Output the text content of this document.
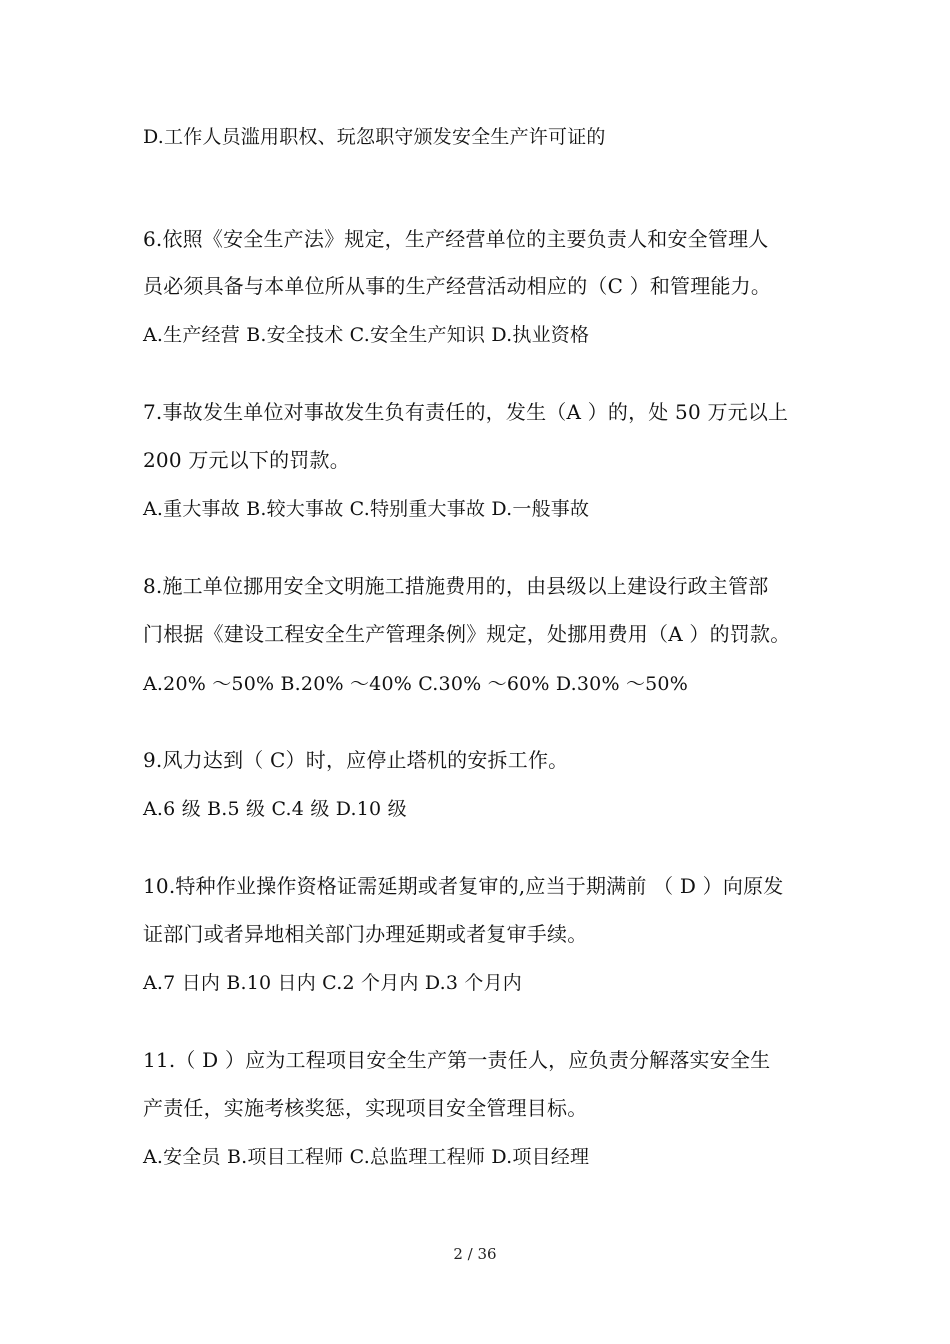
D.工作人员滥用职权、玩忽职守颁发安全生产许可证的
6.依照《安全生产法》规定，生产经营单位的主要负责人和安全管理人
员必须具备与本单位所从事的生产经营活动相应的（C ）和管理能力。
A.生产经营 B.安全技术 C.安全生产知识 D.执业资格
7.事故发生单位对事故发生负有责任的，发生（A ）的，处 50 万元以上
200 万元以下的罚款。
A.重大事故 B.较大事故 C.特别重大事故 D.一般事故
8.施工单位挪用安全文明施工措施费用的，由县级以上建设行政主管部
门根据《建设工程安全生产管理条例》规定，处挪用费用（A ）的罚款。
A.20% ～50% B.20% ～40% C.30% ～60% D.30% ～50%
9.风力达到（ C）时，应停止塔机的安拆工作。
A.6 级 B.5 级 C.4 级 D.10 级
10.特种作业操作资格证需延期或者复审的,应当于期满前 （ D ）向原发
证部门或者异地相关部门办理延期或者复审手续。
A.7 日内 B.10 日内 C.2 个月内 D.3 个月内
11.（ D ）应为工程项目安全生产第一责任人，应负责分解落实安全生
产责任，实施考核奖惩，实现项目安全管理目标。
A.安全员 B.项目工程师 C.总监理工程师 D.项目经理
2 / 36
